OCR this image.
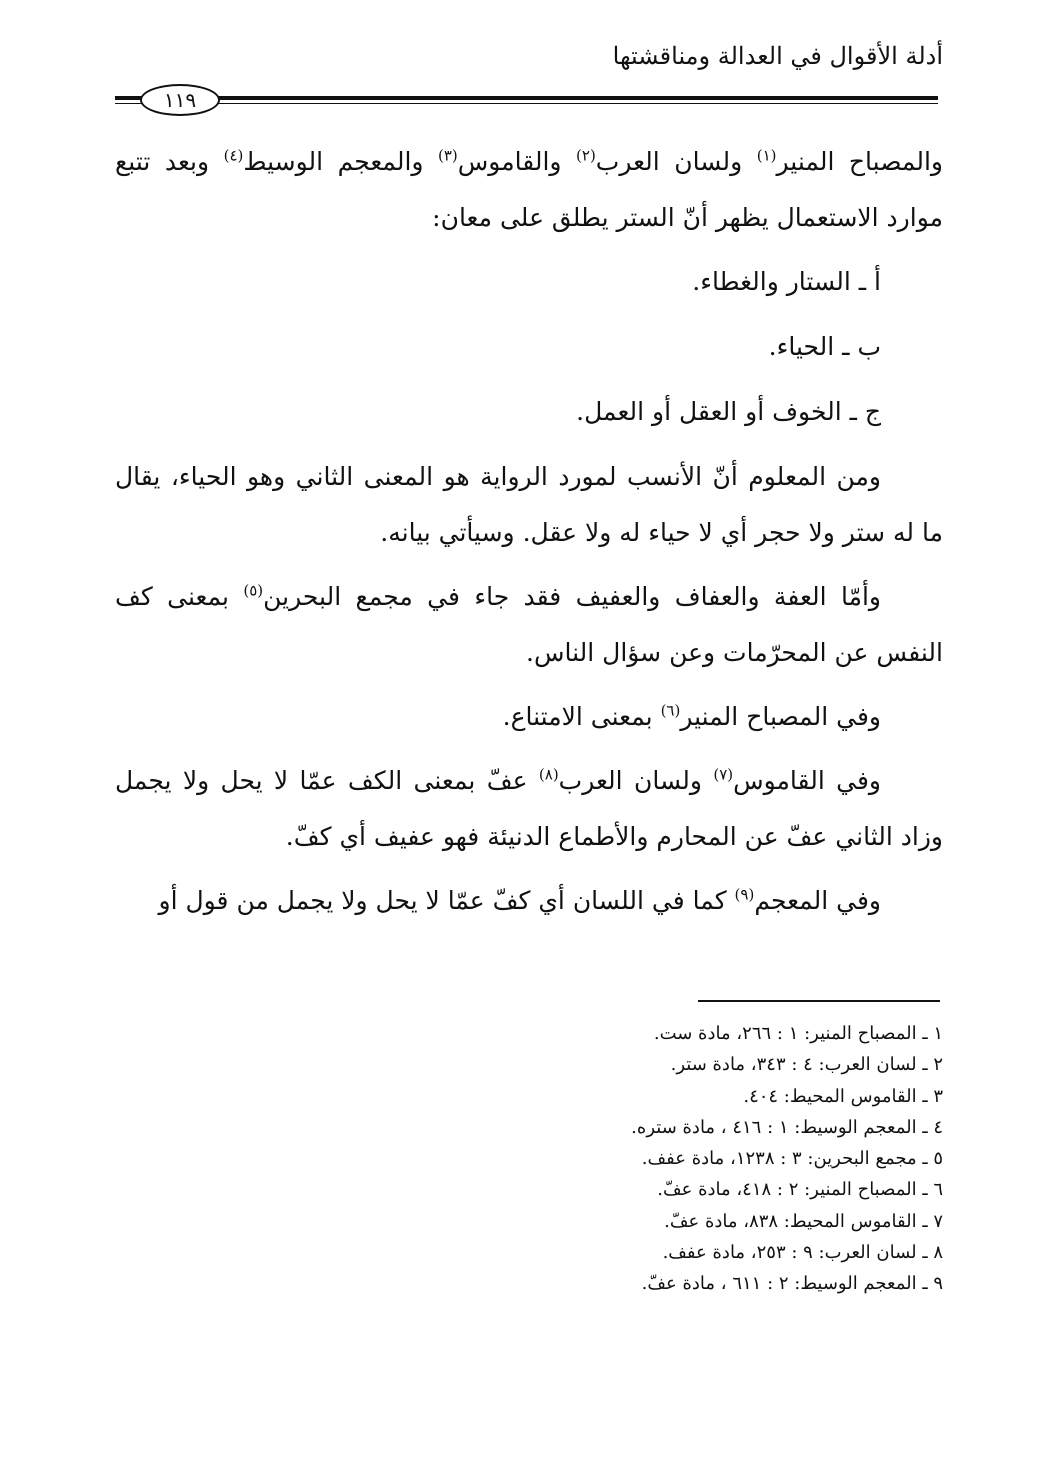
أدلة الأقوال في العدالة ومناقشتها
١١٩

والمصباح المنير$^{(١)}$ ولسان العرب$^{(٢)}$ والقاموس$^{(٣)}$ والمعجم الوسيط$^{(٤)}$ وبعد تتبع موارد الاستعمال يظهر أنّ الستر يطلق على معان:

أ ـ الستار والغطاء.

ب ـ الحياء.

ج ـ الخوف أو العقل أو العمل.

ومن المعلوم أنّ الأنسب لمورد الرواية هو المعنى الثاني وهو الحياء، يقال ما له ستر ولا حجر أي لا حياء له ولا عقل. وسيأتي بيانه.

وأمّا العفة والعفاف والعفيف فقد جاء في مجمع البحرين$^{(٥)}$ بمعنى كف النفس عن المحرّمات وعن سؤال الناس.

وفي المصباح المنير$^{(٦)}$ بمعنى الامتناع.

وفي القاموس$^{(٧)}$ ولسان العرب$^{(٨)}$ عفّ بمعنى الكف عمّا لا يحل ولا يجمل وزاد الثاني عفّ عن المحارم والأطماع الدنيئة فهو عفيف أي كفّ.

وفي المعجم$^{(٩)}$ كما في اللسان أي كفّ عمّا لا يحل ولا يجمل من قول أو

١ ـ المصباح المنير: ١ : ٢٦٦، مادة ست.
٢ ـ لسان العرب: ٤ : ٣٤٣، مادة ستر.
٣ ـ القاموس المحيط: ٤٠٤.
٤ ـ المعجم الوسيط: ١ : ٤١٦ ، مادة ستره.
٥ ـ مجمع البحرين: ٣ : ١٢٣٨، مادة عفف.
٦ ـ المصباح المنير: ٢ : ٤١٨، مادة عفّ.
٧ ـ القاموس المحيط: ٨٣٨، مادة عفّ.
٨ ـ لسان العرب: ٩ : ٢٥٣، مادة عفف.
٩ ـ المعجم الوسيط: ٢ : ٦١١ ، مادة عفّ.
